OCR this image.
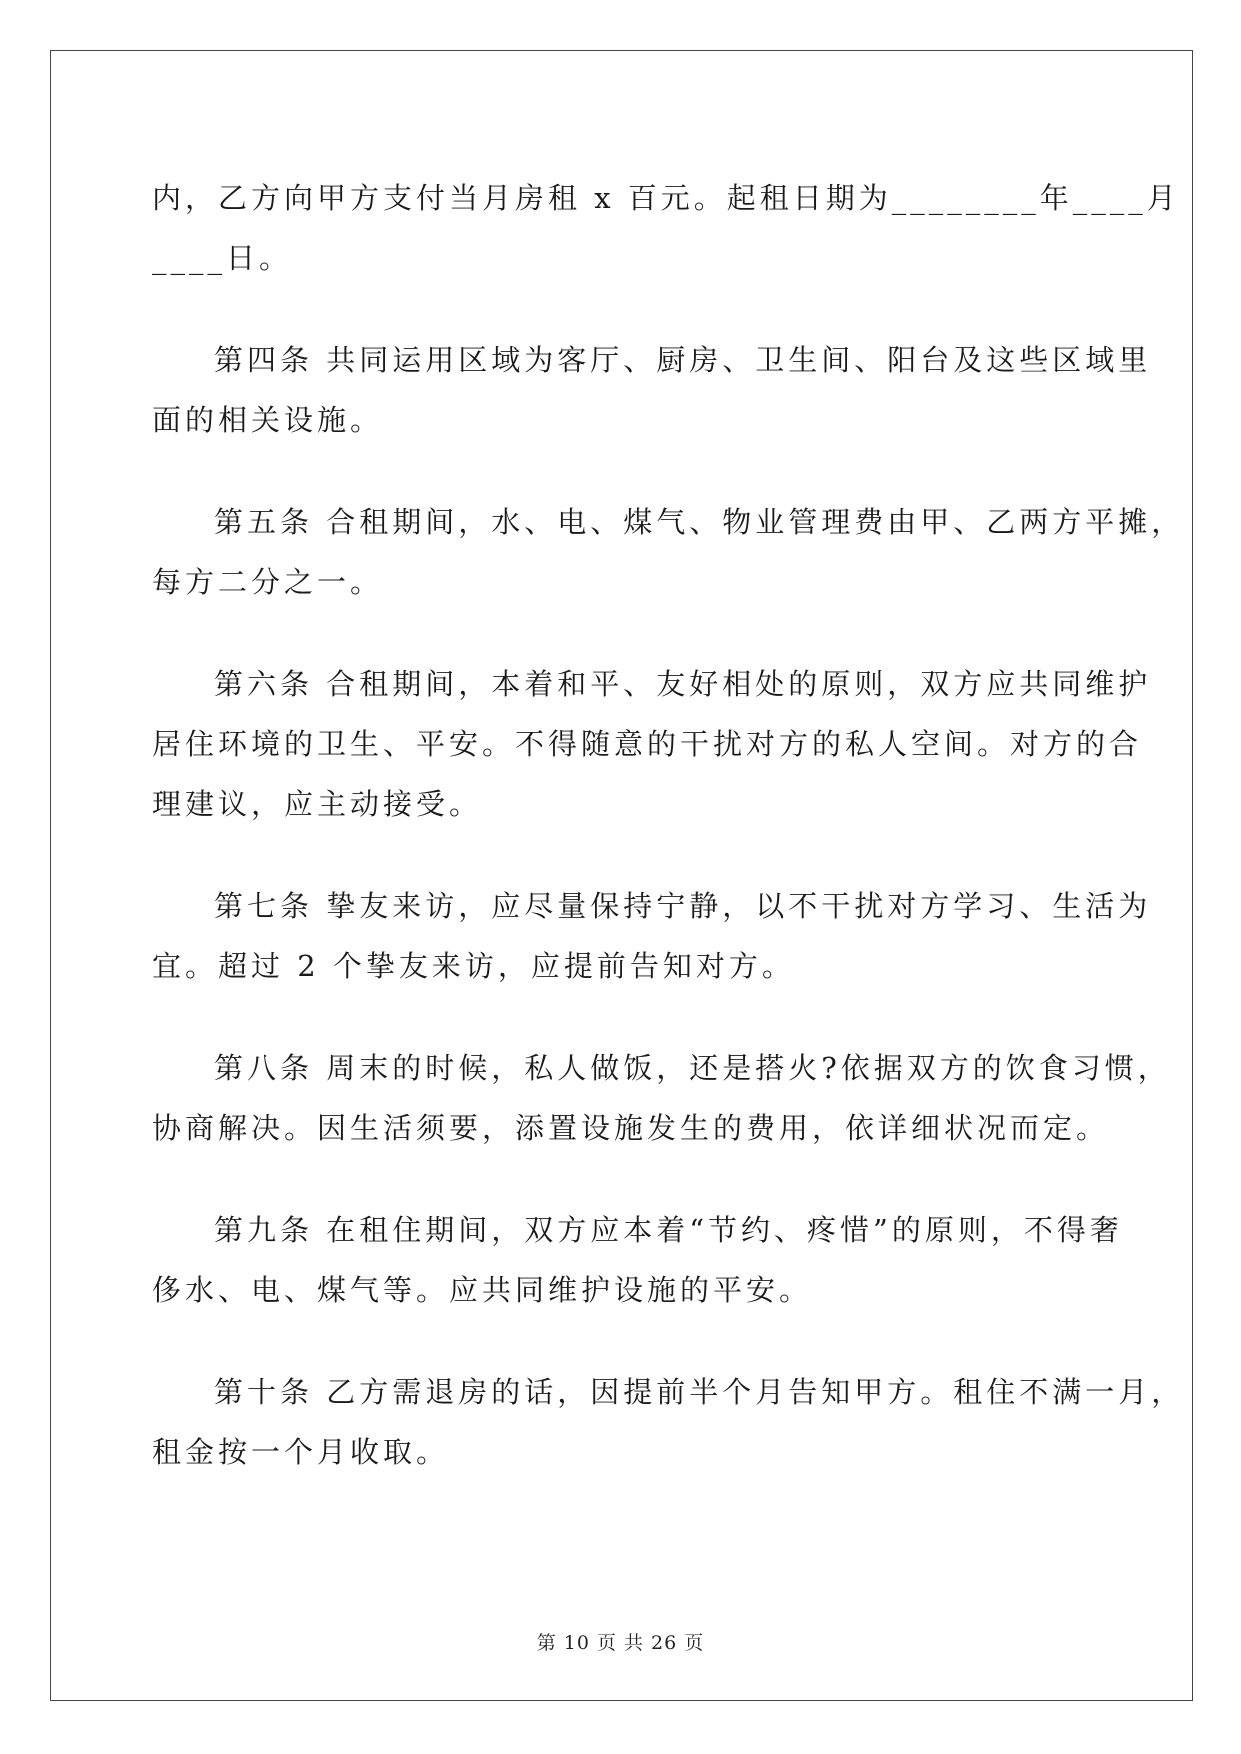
内，乙方向甲方支付当月房租 x 百元。起租日期为________年____月
____日。
第四条 共同运用区域为客厅、厨房、卫生间、阳台及这些区域里
面的相关设施。
第五条 合租期间，水、电、煤气、物业管理费由甲、乙两方平摊，
每方二分之一。
第六条 合租期间，本着和平、友好相处的原则，双方应共同维护
居住环境的卫生、平安。不得随意的干扰对方的私人空间。对方的合
理建议，应主动接受。
第七条 挚友来访，应尽量保持宁静，以不干扰对方学习、生活为
宜。超过 2 个挚友来访，应提前告知对方。
第八条 周末的时候，私人做饭，还是搭火?依据双方的饮食习惯，
协商解决。因生活须要，添置设施发生的费用，依详细状况而定。
第九条 在租住期间，双方应本着“节约、疼惜”的原则，不得奢
侈水、电、煤气等。应共同维护设施的平安。
第十条 乙方需退房的话，因提前半个月告知甲方。租住不满一月，
租金按一个月收取。
第 10 页 共 26 页
